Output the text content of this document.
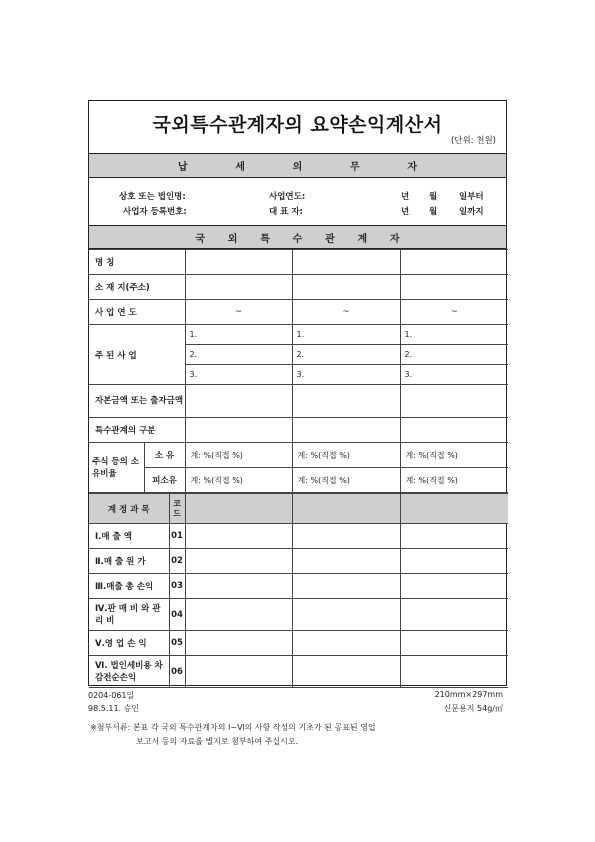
국외특수관계자의 요약손익계산서
(단위: 천원)
납	세	의	무	자
상호 또는 법인명:	사업연도:	년 월	일부터
사업자 등록번호:	대 표 자:	년 월	일까지
국 외 특 수 관 계 자
명 칭				
소 재 지(주소)				
사 업 연 도		~	~	~
주 된 사 업		1.	1.	1.
		2.	2.	2.
		3.	3.	3.
자본금액 또는 출자금액				
특수관계의 구분				
주식 등의 소유비율	소 유	계: %(직접 %)	계: %(직접 %)	계: %(직접 %)

	피소유	계: %(직접 %)	계: %(직접 %)	계: %(직접 %)
계 정 과 목	코 드			
Ⅰ.매 출 액	01			
Ⅱ.매 출 원 가	02			
Ⅲ.매출 총 손익	03			
Ⅳ.판 매 비 와 관 리 비	04			
Ⅴ.영 업 손 익	05			
Ⅵ. 법인세비용 차감전순손익	06			
0204-061일
98.5.11. 승인
210mm×297mm
신문용지 54g/㎡
※첨부서류: 본표 각 국외 특수관계자의 Ⅰ~Ⅵ의 사항 작성의 기초가 된 공표된 영업
보고서 등의 자료를 별지로 첨부하여 주십시오.
